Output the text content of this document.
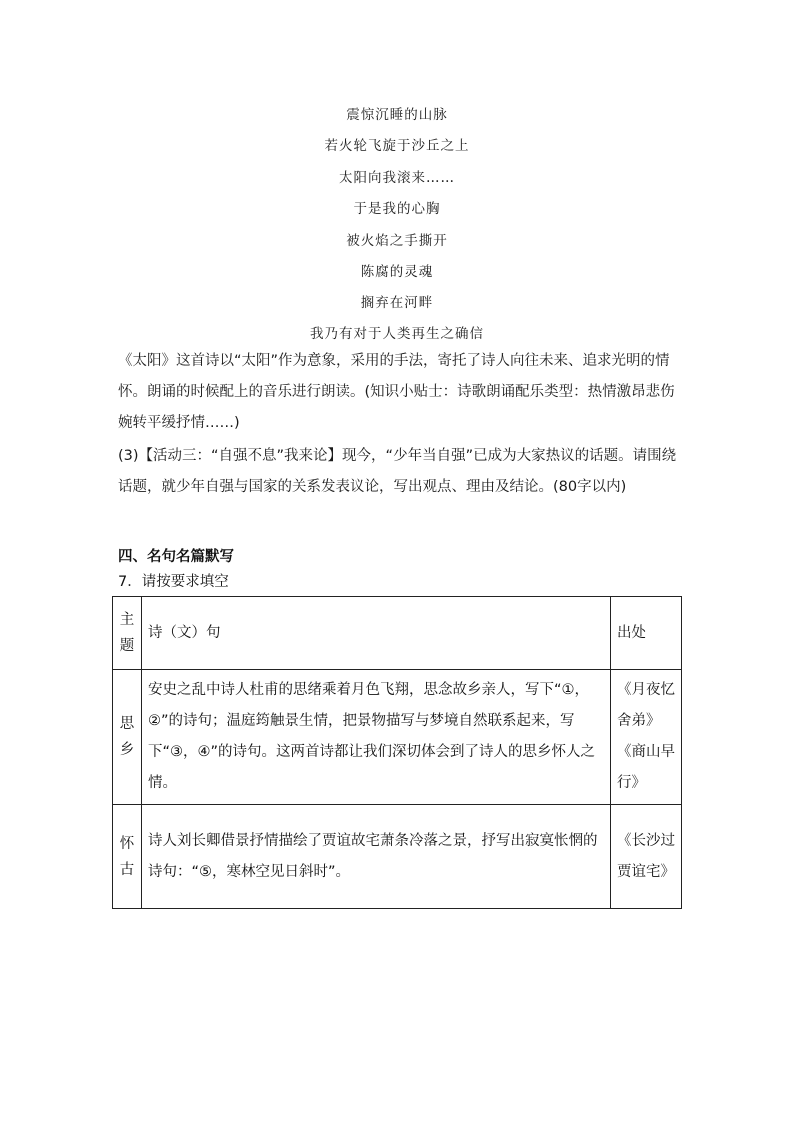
震惊沉睡的山脉
若火轮飞旋于沙丘之上
太阳向我滚来……
于是我的心胸
被火焰之手撕开
陈腐的灵魂
搁弃在河畔
我乃有对于人类再生之确信
《太阳》这首诗以“太阳”作为意象，采用的手法，寄托了诗人向往未来、追求光明的情怀。朗诵的时候配上的音乐进行朗读。(知识小贴士：诗歌朗诵配乐类型：热情激昂悲伤婉转平缓抒情……)
(3)【活动三：“自强不息”我来论】现今，“少年当自强”已成为大家热议的话题。请围绕话题，就少年自强与国家的关系发表议论，写出观点、理由及结论。(80字以内)
四、名句名篇默写
7．请按要求填空
主题	诗（文）句	出处
思乡	安史之乱中诗人杜甫的思绪乘着月色飞翔，思念故乡亲人，写下“①，②”的诗句；温庭筠触景生情，把景物描写与梦境自然联系起来，写下“③，④”的诗句。这两首诗都让我们深切体会到了诗人的思乡怀人之情。	《月夜忆舍弟》《商山早行》
怀古	诗人刘长卿借景抒情描绘了贾谊故宅萧条冷落之景，抒写出寂寞怅惘的诗句：“⑤，寒林空见日斜时”。	《长沙过贾谊宅》
